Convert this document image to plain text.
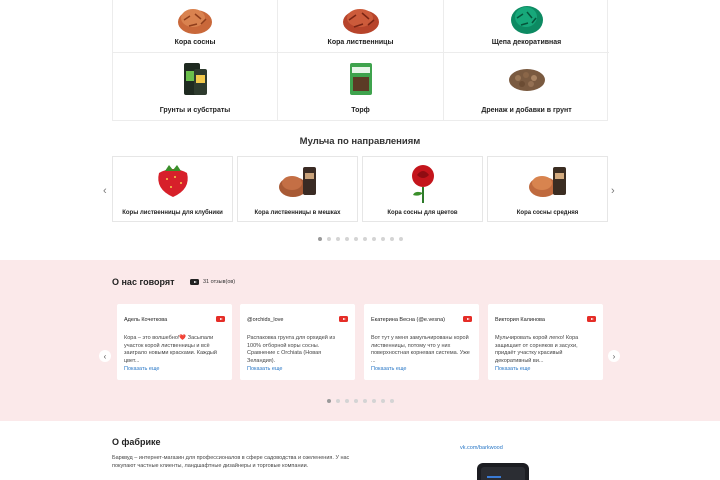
Кора сосны	Кора лиственницы	Щепа декоративная
Грунты и субстраты	Торф	Дренаж и добавки в грунт
Мульча по направлениям
‹	›
Коры лиственницы для клубники	Кора лиственницы в мешках	Кора сосны для цветов	Кора сосны средняя
О нас говорят	31 отзыв(ов)
Адель Кочеткова
Кора – это волшебно!❤️ Засыпали участок корой лиственницы и всё заиграло новыми красками. Каждый цвет...
Показать еще
@orchids_love
Распаковка грунта для орхидей из 100% отборной коры сосны. Сравнение с Orchiata (Новая Зеландия).
Показать еще
Екатерина Весна (@e.vesna)
Вот тут у меня замульчированы корой лиственницы, потому что у них поверхностная корневая система. Уже ...
Показать еще
Виктория Калинова
Мульчировать корой легко! Кора защищает от сорняков и засухи, придаёт участку красивый декоративный ви...
Показать еще
‹	›
О фабрике
Барквуд – интернет-магазин для профессионалов в сфере садоводства и озеленения. У нас покупают частные клиенты, ландшафтные дизайнеры и торговые компании.
vk.com/barkwood
